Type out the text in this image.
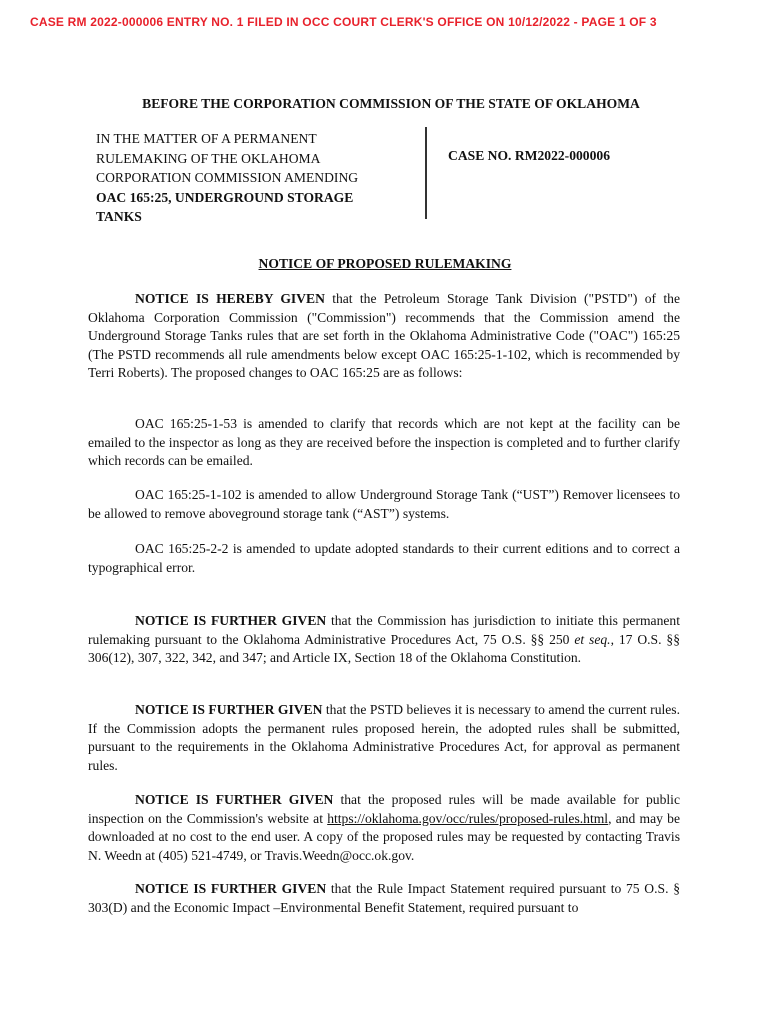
CASE RM 2022-000006 ENTRY NO. 1 FILED IN OCC COURT CLERK'S OFFICE ON 10/12/2022 - PAGE 1 OF 3
BEFORE THE CORPORATION COMMISSION OF THE STATE OF OKLAHOMA
IN THE MATTER OF A PERMANENT
RULEMAKING OF THE OKLAHOMA
CORPORATION COMMISSION AMENDING
OAC 165:25, UNDERGROUND STORAGE
TANKS
CASE NO. RM2022-000006
NOTICE OF PROPOSED RULEMAKING
NOTICE IS HEREBY GIVEN that the Petroleum Storage Tank Division ("PSTD") of the Oklahoma Corporation Commission ("Commission") recommends that the Commission amend the Underground Storage Tanks rules that are set forth in the Oklahoma Administrative Code ("OAC") 165:25 (The PSTD recommends all rule amendments below except OAC 165:25-1-102, which is recommended by Terri Roberts). The proposed changes to OAC 165:25 are as follows:
OAC 165:25-1-53 is amended to clarify that records which are not kept at the facility can be emailed to the inspector as long as they are received before the inspection is completed and to further clarify which records can be emailed.
OAC 165:25-1-102 is amended to allow Underground Storage Tank (“UST”) Remover licensees to be allowed to remove aboveground storage tank (“AST”) systems.
OAC 165:25-2-2 is amended to update adopted standards to their current editions and to correct a typographical error.
NOTICE IS FURTHER GIVEN that the Commission has jurisdiction to initiate this permanent rulemaking pursuant to the Oklahoma Administrative Procedures Act, 75 O.S. §§ 250 et seq., 17 O.S. §§ 306(12), 307, 322, 342, and 347; and Article IX, Section 18 of the Oklahoma Constitution.
NOTICE IS FURTHER GIVEN that the PSTD believes it is necessary to amend the current rules. If the Commission adopts the permanent rules proposed herein, the adopted rules shall be submitted, pursuant to the requirements in the Oklahoma Administrative Procedures Act, for approval as permanent rules.
NOTICE IS FURTHER GIVEN that the proposed rules will be made available for public inspection on the Commission's website at https://oklahoma.gov/occ/rules/proposed-rules.html, and may be downloaded at no cost to the end user. A copy of the proposed rules may be requested by contacting Travis N. Weedn at (405) 521-4749, or Travis.Weedn@occ.ok.gov.
NOTICE IS FURTHER GIVEN that the Rule Impact Statement required pursuant to 75 O.S. § 303(D) and the Economic Impact –Environmental Benefit Statement, required pursuant to
